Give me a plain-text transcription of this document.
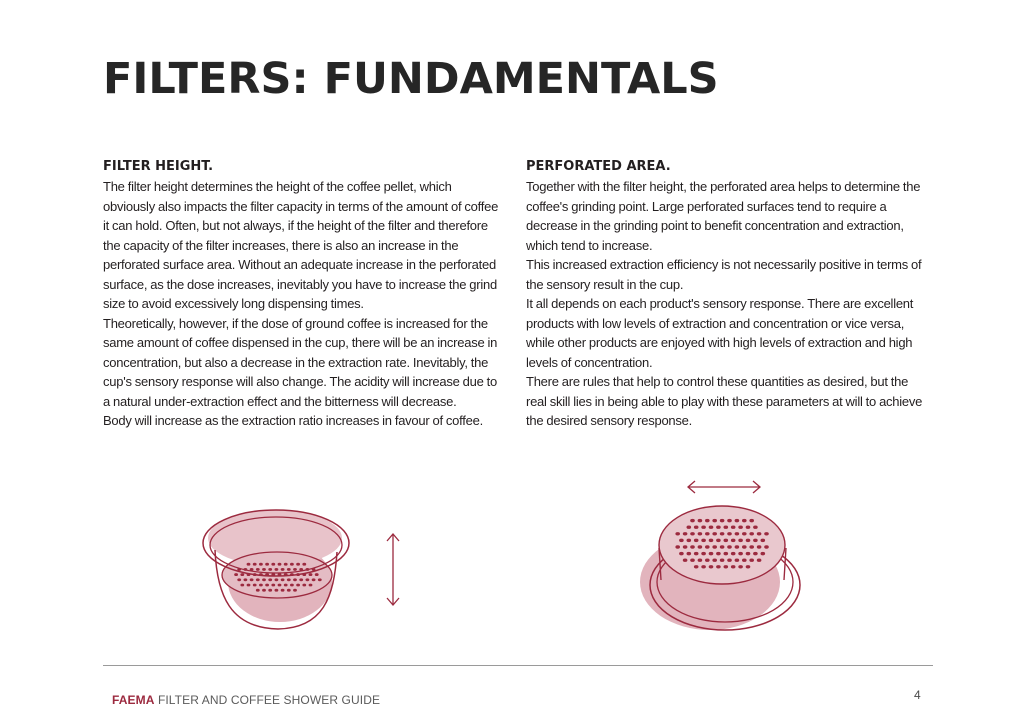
FILTERS: FUNDAMENTALS
FILTER HEIGHT.

The filter height determines the height of the coffee pellet, which obviously also impacts the filter capacity in terms of the amount of coffee it can hold. Often, but not always, if the height of the filter and therefore the capacity of the filter increases, there is also an increase in the perforated surface area. Without an adequate increase in the perforated surface, as the dose increases, inevitably you have to increase the grind size to avoid excessively long dispensing times.

Theoretically, however, if the dose of ground coffee is increased for the same amount of coffee dispensed in the cup, there will be an increase in concentration, but also a decrease in the extraction rate. Inevitably, the cup's sensory response will also change. The acidity will increase due to a natural under-extraction effect and the bitterness will decrease.

Body will increase as the extraction ratio increases in favour of coffee.

PERFORATED AREA.

Together with the filter height, the perforated area helps to determine the coffee's grinding point. Large perforated surfaces tend to require a decrease in the grinding point to benefit concentration and extraction, which tend to increase.

This increased extraction efficiency is not necessarily positive in terms of the sensory result in the cup.

It all depends on each product's sensory response. There are excellent products with low levels of extraction and concentration or vice versa, while other products are enjoyed with high levels of extraction and high levels of concentration.

There are rules that help to control these quantities as desired, but the real skill lies in being able to play with these parameters at will to achieve the desired sensory response.

FAEMA FILTER AND COFFEE SHOWER GUIDE	4
